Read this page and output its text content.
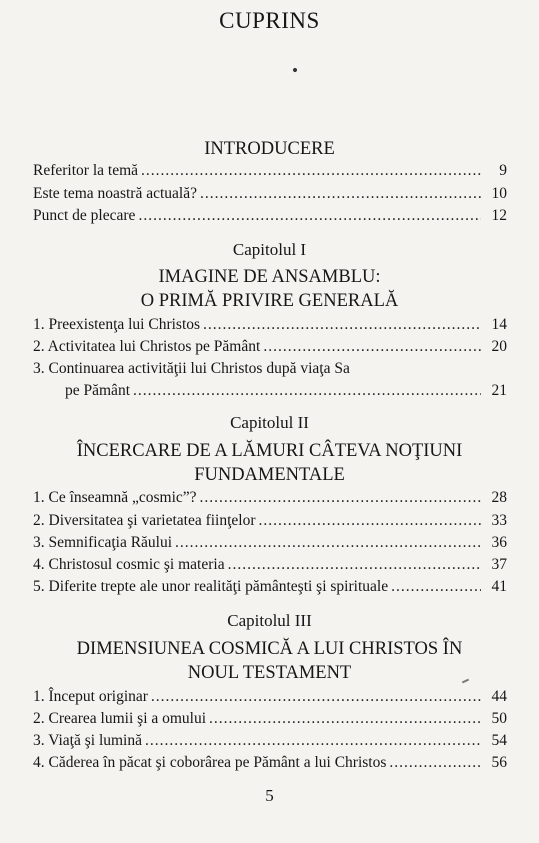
CUPRINS
INTRODUCERE
Referitor la temă .....	9
Este tema noastră actuală? .....	10
Punct de plecare .....	12
Capitolul I
IMAGINE DE ANSAMBLU:
O PRIMĂ PRIVIRE GENERALĂ
1. Preexistenţa lui Christos .....	14
2. Activitatea lui Christos pe Pământ .....	20
3. Continuarea activităţii lui Christos după viaţa Sa
pe Pământ .....	21
Capitolul II
ÎNCERCARE DE A LĂMURI CÂTEVA NOŢIUNI
FUNDAMENTALE
1. Ce înseamnă „cosmic”? .....	28
2. Diversitatea şi varietatea fiinţelor .....	33
3. Semnificaţia Răului .....	36
4. Christosul cosmic şi materia .....	37
5. Diferite trepte ale unor realităţi pământeşti şi spirituale .....	41
Capitolul III
DIMENSIUNEA COSMICĂ A LUI CHRISTOS ÎN
NOUL TESTAMENT
1. Început originar .....	44
2. Crearea lumii şi a omului .....	50
3. Viaţă şi lumină .....	54
4. Căderea în păcat şi coborârea pe Pământ a lui Christos .....	56
5
